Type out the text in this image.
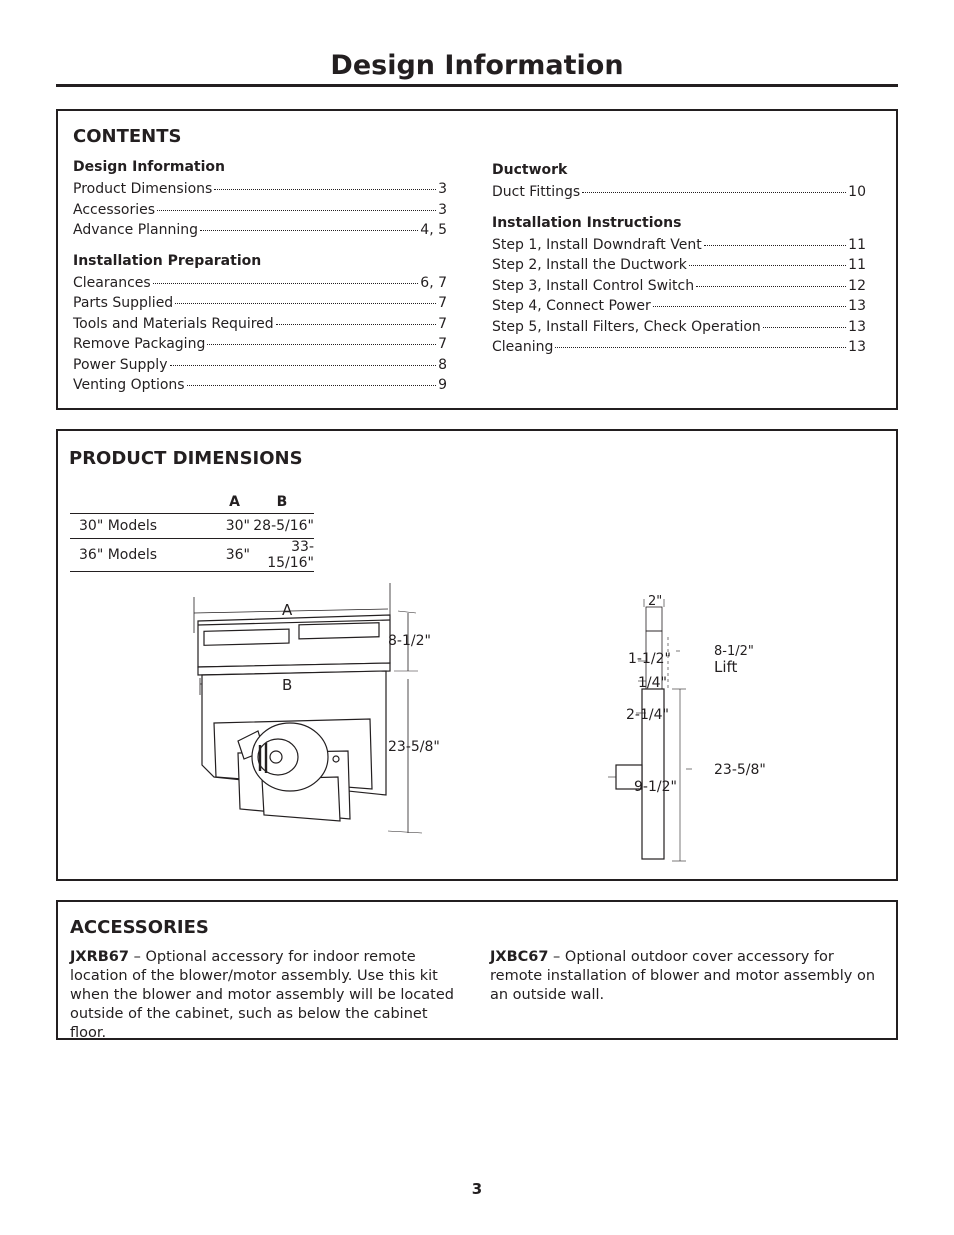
Design Information
CONTENTS
Design Information
Product Dimensions	3
Accessories	3
Advance Planning	4, 5
Installation Preparation
Clearances	6, 7
Parts Supplied	7
Tools and Materials Required	7
Remove Packaging	7
Power Supply	8
Venting Options	9
Ductwork
Duct Fittings	10
Installation Instructions
Step 1, Install Downdraft Vent	11
Step 2, Install the Ductwork	11
Step 3, Install Control Switch	12
Step 4, Connect Power	13
Step 5, Install Filters, Check Operation	13
Cleaning	13
PRODUCT DIMENSIONS
	A	B
30" Models	30"	28-5/16"
36" Models	36"	33-15/16"
A
B
8-1/2"
23-5/8"
2"
8-1/2"
Lift
1-1/2"
1/4"
2-1/4"
23-5/8"
9-1/2"
ACCESSORIES

JXRB67 – Optional accessory for indoor remote location of the blower/motor assembly. Use this kit when the blower and motor assembly will be located outside of the cabinet, such as below the cabinet floor.

JXBC67 – Optional outdoor cover accessory for remote installation of blower and motor assembly on an outside wall.

3
